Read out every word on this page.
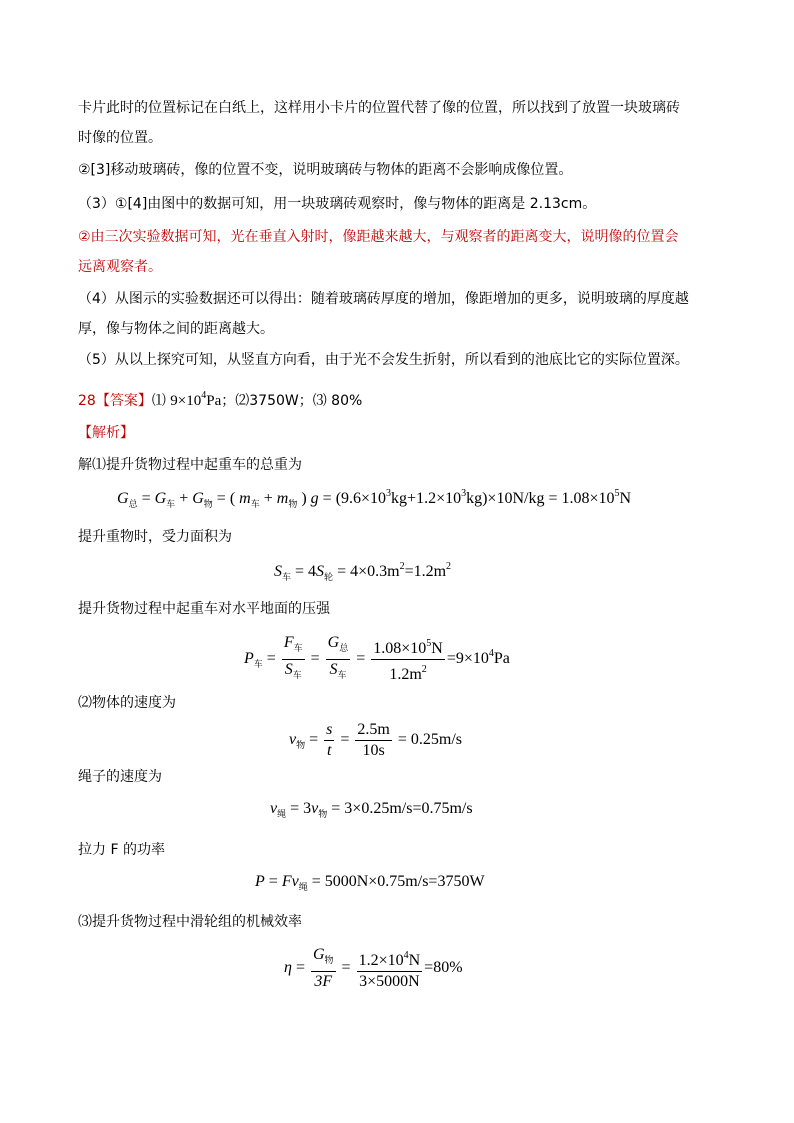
卡片此时的位置标记在白纸上，这样用小卡片的位置代替了像的位置，所以找到了放置一块玻璃砖
时像的位置。
②[3]移动玻璃砖，像的位置不变，说明玻璃砖与物体的距离不会影响成像位置。
（3）①[4]由图中的数据可知，用一块玻璃砖观察时，像与物体的距离是 2.13cm。
②由三次实验数据可知，光在垂直入射时，像距越来越大，与观察者的距离变大，说明像的位置会
远离观察者。
（4）从图示的实验数据还可以得出：随着玻璃砖厚度的增加，像距增加的更多，说明玻璃的厚度越
厚，像与物体之间的距离越大。
（5）从以上探究可知，从竖直方向看，由于光不会发生折射，所以看到的池底比它的实际位置深。
28【答案】⑴ $9\times 10^4Pa$；⑵3750W；⑶ 80%
【解析】
解⑴提升货物过程中起重车的总重为
$G_总 = G_车 + G_物$ = ( $m_车 + m_物$ ) $g = (9.6\times 10^3kg+1.2\times 10^3kg)\times 10N/kg = 1.08\times 10^5N$
提升重物时，受力面积为
$S_车 = 4S_轮 = 4\times 0.3m^2=1.2m^2$
提升货物过程中起重车对水平地面的压强
$P_车 = \frac{F_车}{S_车} = \frac{G_总}{S_车} = \frac{1.08\times 10^5N}{1.2m^2} =9\times 10^4Pa$
⑵物体的速度为
$v_物 = \frac{s}{t} = \frac{2.5m}{10s} = 0.25m/s$
绳子的速度为
$v_绳 = 3v_物 = 3\times 0.25m/s=0.75m/s$
拉力 F 的功率
$P = Fv_绳 = 5000N\times 0.75m/s=3750W$
⑶提升货物过程中滑轮组的机械效率
$\eta = \frac{G_物}{3F} = \frac{1.2\times 10^4N}{3\times 5000N} =80\%$
